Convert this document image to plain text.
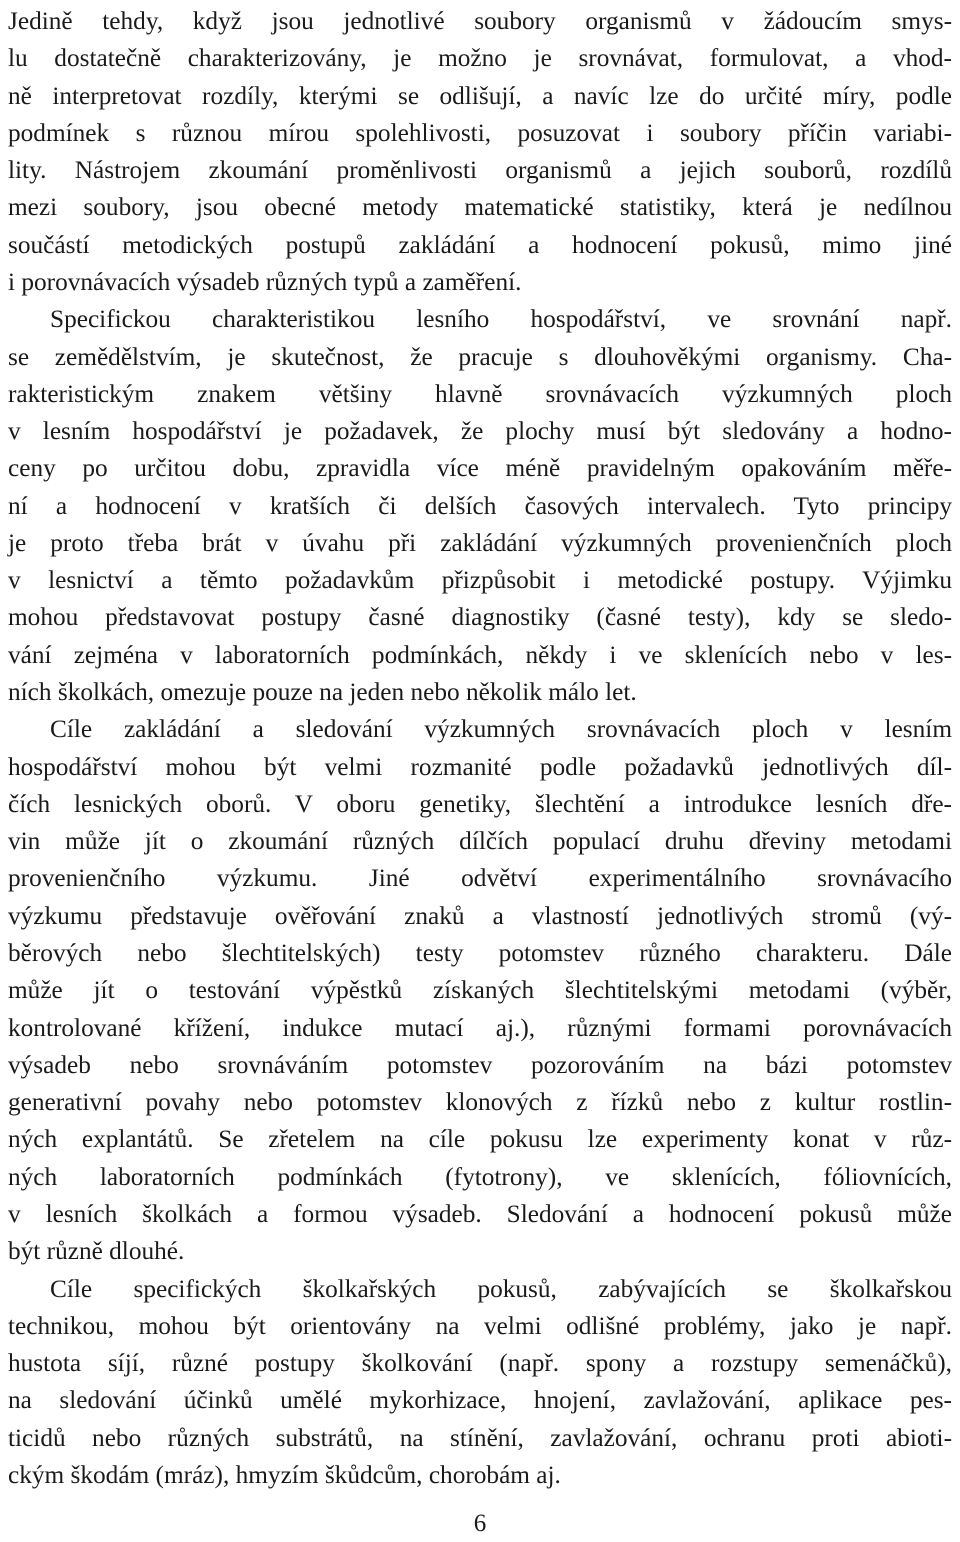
Jedině tehdy, když jsou jednotlivé soubory organismů v žádoucím smys-
lu dostatečně charakterizovány, je možno je srovnávat, formulovat, a vhod-
ně interpretovat rozdíly, kterými se odlišují, a navíc lze do určité míry, podle
podmínek s různou mírou spolehlivosti, posuzovat i soubory příčin variabi-
lity. Nástrojem zkoumání proměnlivosti organismů a jejich souborů, rozdílů
mezi soubory, jsou obecné metody matematické statistiky, která je nedílnou
součástí metodických postupů zakládání a hodnocení pokusů, mimo jiné
i porovnávacích výsadeb různých typů a zaměření.
Specifickou charakteristikou lesního hospodářství, ve srovnání např.
se zemědělstvím, je skutečnost, že pracuje s dlouhověkými organismy. Cha-
rakteristickým znakem většiny hlavně srovnávacích výzkumných ploch
v lesním hospodářství je požadavek, že plochy musí být sledovány a hodno-
ceny po určitou dobu, zpravidla více méně pravidelným opakováním měře-
ní a hodnocení v kratších či delších časových intervalech. Tyto principy
je proto třeba brát v úvahu při zakládání výzkumných provenienčních ploch
v lesnictví a těmto požadavkům přizpůsobit i metodické postupy. Výjimku
mohou představovat postupy časné diagnostiky (časné testy), kdy se sledo-
vání zejména v laboratorních podmínkách, někdy i ve sklenících nebo v les-
ních školkách, omezuje pouze na jeden nebo několik málo let.
Cíle zakládání a sledování výzkumných srovnávacích ploch v lesním
hospodářství mohou být velmi rozmanité podle požadavků jednotlivých díl-
čích lesnických oborů. V oboru genetiky, šlechtění a introdukce lesních dře-
vin může jít o zkoumání různých dílčích populací druhu dřeviny metodami
provenienčního výzkumu. Jiné odvětví experimentálního srovnávacího
výzkumu představuje ověřování znaků a vlastností jednotlivých stromů (vý-
běrových nebo šlechtitelských) testy potomstev různého charakteru. Dále
může jít o testování výpěstků získaných šlechtitelskými metodami (výběr,
kontrolované křížení, indukce mutací aj.), různými formami porovnávacích
výsadeb nebo srovnáváním potomstev pozorováním na bázi potomstev
generativní povahy nebo potomstev klonových z řízků nebo z kultur rostlin-
ných explantátů. Se zřetelem na cíle pokusu lze experimenty konat v růz-
ných laboratorních podmínkách (fytotrony), ve sklenících, fóliovnících,
v lesních školkách a formou výsadeb. Sledování a hodnocení pokusů může
být různě dlouhé.
Cíle specifických školkařských pokusů, zabývajících se školkařskou
technikou, mohou být orientovány na velmi odlišné problémy, jako je např.
hustota síjí, různé postupy školkování (např. spony a rozstupy semenáčků),
na sledování účinků umělé mykorhizace, hnojení, zavlažování, aplikace pes-
ticidů nebo různých substrátů, na stínění, zavlažování, ochranu proti abioti-
ckým škodám (mráz), hmyzím škůdcům, chorobám aj.
6
